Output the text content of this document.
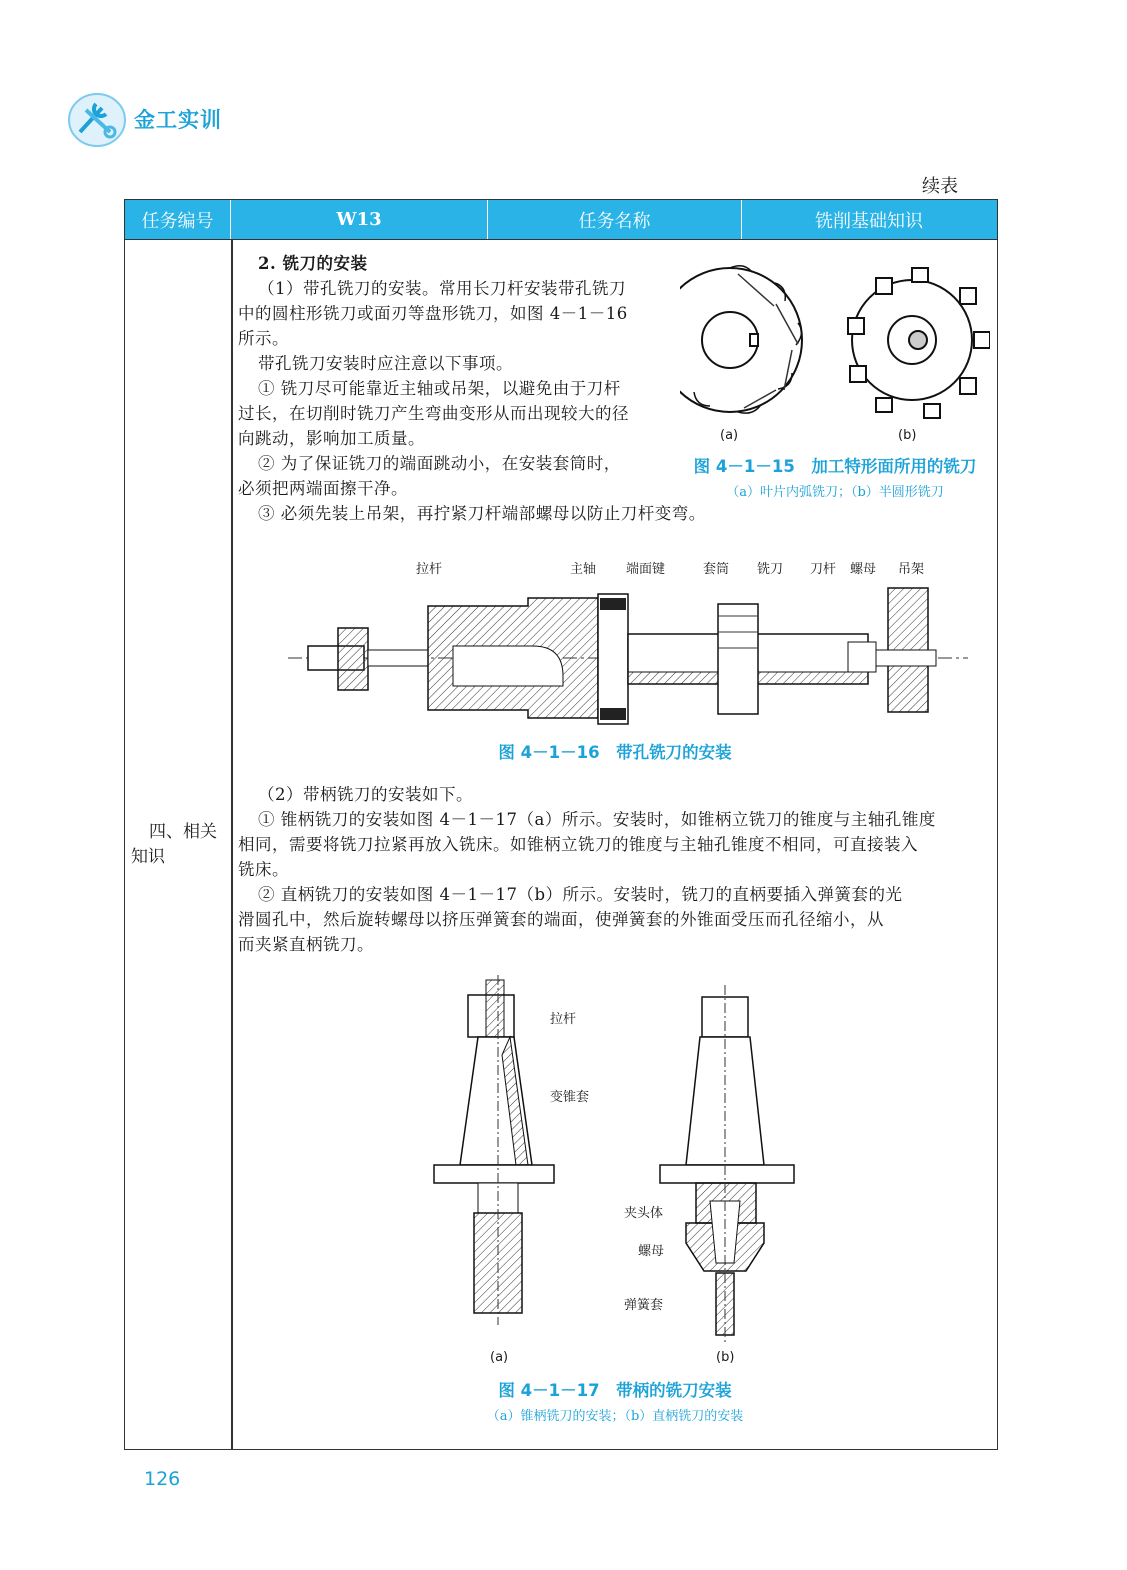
金工实训
续表
任务编号	W13	任务名称	铣削基础知识
四、相关
知识
2. 铣刀的安装
（1）带孔铣刀的安装。常用长刀杆安装带孔铣刀
中的圆柱形铣刀或面刃等盘形铣刀，如图 4－1－16
所示。
带孔铣刀安装时应注意以下事项。
① 铣刀尽可能靠近主轴或吊架，以避免由于刀杆
过长，在切削时铣刀产生弯曲变形从而出现较大的径
向跳动，影响加工质量。
② 为了保证铣刀的端面跳动小，在安装套筒时，
必须把两端面擦干净。
③ 必须先装上吊架，再拧紧刀杆端部螺母以防止刀杆变弯。
(a)	(b)
图 4－1－15　加工特形面所用的铣刀
（a）叶片内弧铣刀；（b）半圆形铣刀
拉杆	主轴 端面键	套筒 铣刀 刀杆 螺母 吊架
图 4－1－16　带孔铣刀的安装
（2）带柄铣刀的安装如下。
① 锥柄铣刀的安装如图 4－1－17（a）所示。安装时，如锥柄立铣刀的锥度与主轴孔锥度
相同，需要将铣刀拉紧再放入铣床。如锥柄立铣刀的锥度与主轴孔锥度不相同，可直接装入
铣床。
② 直柄铣刀的安装如图 4－1－17（b）所示。安装时，铣刀的直柄要插入弹簧套的光
滑圆孔中，然后旋转螺母以挤压弹簧套的端面，使弹簧套的外锥面受压而孔径缩小，从
而夹紧直柄铣刀。
拉杆
变锥套
夹头体
螺母
弹簧套
(a)	(b)
图 4－1－17　带柄的铣刀安装
（a）锥柄铣刀的安装；（b）直柄铣刀的安装
126
